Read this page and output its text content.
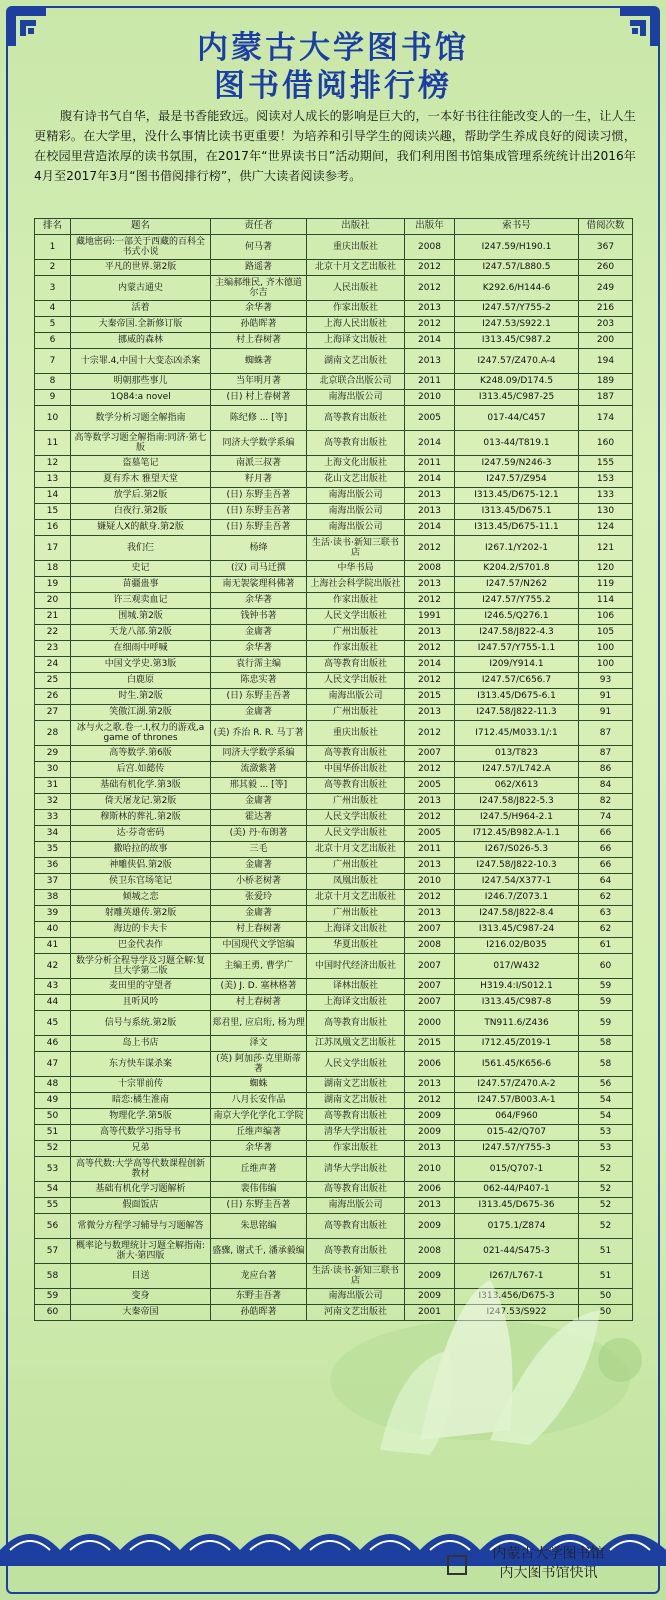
内蒙古大学图书馆
图书借阅排行榜
腹有诗书气自华，最是书香能致远。阅读对人成长的影响是巨大的，一本好书往往能改变人的一生，让人生更精彩。在大学里，没什么事情比读书更重要！为培养和引导学生的阅读兴趣，帮助学生养成良好的阅读习惯，在校园里营造浓厚的读书氛围，在2017年“世界读书日”活动期间，我们利用图书馆集成管理系统统计出2016年4月至2017年3月“图书借阅排行榜”，供广大读者阅读参考。
排名	题名	责任者	出版社	出版年	索书号	借阅次数
1	藏地密码:一部关于西藏的百科全书式小说	何马著	重庆出版社	2008	I247.59/H190.1	367
2	平凡的世界.第2版	路遥著	北京十月文艺出版社	2012	I247.57/L880.5	260
3	内蒙古通史	主编郝维民, 齐木德道尔吉	人民出版社	2012	K292.6/H144-6	249
4	活着	余华著	作家出版社	2013	I247.57/Y755-2	216
5	大秦帝国.全新修订版	孙皓晖著	上海人民出版社	2012	I247.53/S922.1	203
6	挪威的森林	村上春树著	上海译文出版社	2014	I313.45/C987.2	200
7	十宗罪.4,中国十大变态凶杀案	蜘蛛著	湖南文艺出版社	2013	I247.57/Z470.A-4	194
8	明朝那些事儿	当年明月著	北京联合出版公司	2011	K248.09/D174.5	189
9	1Q84:a novel	(日) 村上春树著	南海出版公司	2010	I313.45/C987-25	187
10	数学分析习题全解指南	陈纪修 ... [等]	高等教育出版社	2005	017-44/C457	174
11	高等数学习题全解指南:同济·第七版	同济大学数学系编	高等教育出版社	2014	013-44/T819.1	160
12	盗墓笔记	南派三叔著	上海文化出版社	2011	I247.59/N246-3	155
13	夏有乔木 雅望天堂	籽月著	花山文艺出版社	2014	I247.57/Z954	153
14	放学后.第2版	(日) 东野圭吾著	南海出版公司	2013	I313.45/D675-12.1	133
15	白夜行.第2版	(日) 东野圭吾著	南海出版公司	2013	I313.45/D675.1	130
16	嫌疑人X的献身.第2版	(日) 东野圭吾著	南海出版公司	2014	I313.45/D675-11.1	124
17	我们仨	杨绛	生活·读书·新知三联书店	2012	I267.1/Y202-1	121
18	史记	(汉) 司马迁撰	中华书局	2008	K204.2/S701.8	120
19	苗疆蛊事	南无袈裟理科佛著	上海社会科学院出版社	2013	I247.57/N262	119
20	许三观卖血记	余华著	作家出版社	2012	I247.57/Y755.2	114
21	围城.第2版	钱钟书著	人民文学出版社	1991	I246.5/Q276.1	106
22	天龙八部.第2版	金庸著	广州出版社	2013	I247.58/J822-4.3	105
23	在细雨中呼喊	余华著	作家出版社	2012	I247.57/Y755-1.1	100
24	中国文学史.第3版	袁行霈主编	高等教育出版社	2014	I209/Y914.1	100
25	白鹿原	陈忠实著	人民文学出版社	2012	I247.57/C656.7	93
26	时生.第2版	(日) 东野圭吾著	南海出版公司	2015	I313.45/D675-6.1	91
27	笑傲江湖.第2版	金庸著	广州出版社	2013	I247.58/J822-11.3	91
28	冰与火之歌.卷一.I,权力的游戏,a game of thrones	(美) 乔治 R. R. 马丁著	重庆出版社	2012	I712.45/M033.1/:1	87
29	高等数学.第6版	同济大学数学系编	高等教育出版社	2007	013/T823	87
30	后宫.如懿传	流潋紫著	中国华侨出版社	2012	I247.57/L742.A	86
31	基础有机化学.第3版	邢其毅 ... [等]	高等教育出版社	2005	062/X613	84
32	倚天屠龙记.第2版	金庸著	广州出版社	2013	I247.58/J822-5.3	82
33	穆斯林的葬礼.第2版	霍达著	人民文学出版社	2012	I247.5/H964-2.1	74
34	达·芬奇密码	(美) 丹·布朗著	人民文学出版社	2005	I712.45/B982.A-1.1	66
35	撒哈拉的故事	三毛	北京十月文艺出版社	2011	I267/S026-5.3	66
36	神雕侠侣.第2版	金庸著	广州出版社	2013	I247.58/J822-10.3	66
37	侯卫东官场笔记	小桥老树著	凤凰出版社	2010	I247.54/X377-1	64
38	倾城之恋	张爱玲	北京十月文艺出版社	2012	I246.7/Z073.1	62
39	射雕英雄传.第2版	金庸著	广州出版社	2013	I247.58/J822-8.4	63
40	海边的卡夫卡	村上春树著	上海译文出版社	2007	I313.45/C987-24	62
41	巴金代表作	中国现代文学馆编	华夏出版社	2008	I216.02/B035	61
42	数学分析全程导学及习题全解:复旦大学第二版	主编王勇, 曹学广	中国时代经济出版社	2007	017/W432	60
43	麦田里的守望者	(美) J. D. 塞林格著	译林出版社	2007	H319.4:I/S012.1	59
44	且听风吟	村上春树著	上海译文出版社	2007	I313.45/C987-8	59
45	信号与系统.第2版	郑君里, 应启珩, 杨为理	高等教育出版社	2000	TN911.6/Z436	59
46	岛上书店	泽文	江苏凤凰文艺出版社	2015	I712.45/Z019-1	58
47	东方快车谋杀案	(英) 阿加莎·克里斯蒂著	人民文学出版社	2006	I561.45/K656-6	58
48	十宗罪前传	蜘蛛	湖南文艺出版社	2013	I247.57/Z470.A-2	56
49	暗恋:橘生淮南	八月长安作品	湖南文艺出版社	2012	I247.57/B003.A-1	54
50	物理化学.第5版	南京大学化学化工学院	高等教育出版社	2009	064/F960	54
51	高等代数学习指导书	丘维声编著	清华大学出版社	2009	015-42/Q707	53
52	兄弟	余华著	作家出版社	2013	I247.57/Y755-3	53
53	高等代数:大学高等代数课程创新教材	丘维声著	清华大学出版社	2010	015/Q707-1	52
54	基础有机化学习题解析	裴伟伟编	高等教育出版社	2006	062-44/P407-1	52
55	假面饭店	(日) 东野圭吾著	南海出版公司	2013	I313.45/D675-36	52
56	常微分方程学习辅导与习题解答	朱思铭编	高等教育出版社	2009	0175.1/Z874	52
57	概率论与数理统计习题全解指南:浙大·第四版	盛骤, 谢式千, 潘承毅编	高等教育出版社	2008	021-44/S475-3	51
58	目送	龙应台著	生活·读书·新知三联书店	2009	I267/L767-1	51
59	变身	东野圭吾著	南海出版公司	2009	I313.456/D675-3	50
60	大秦帝国	孙皓晖著	河南文艺出版社	2001	I247.53/S922	50
内蒙古大学图书馆
内大图书馆快讯
